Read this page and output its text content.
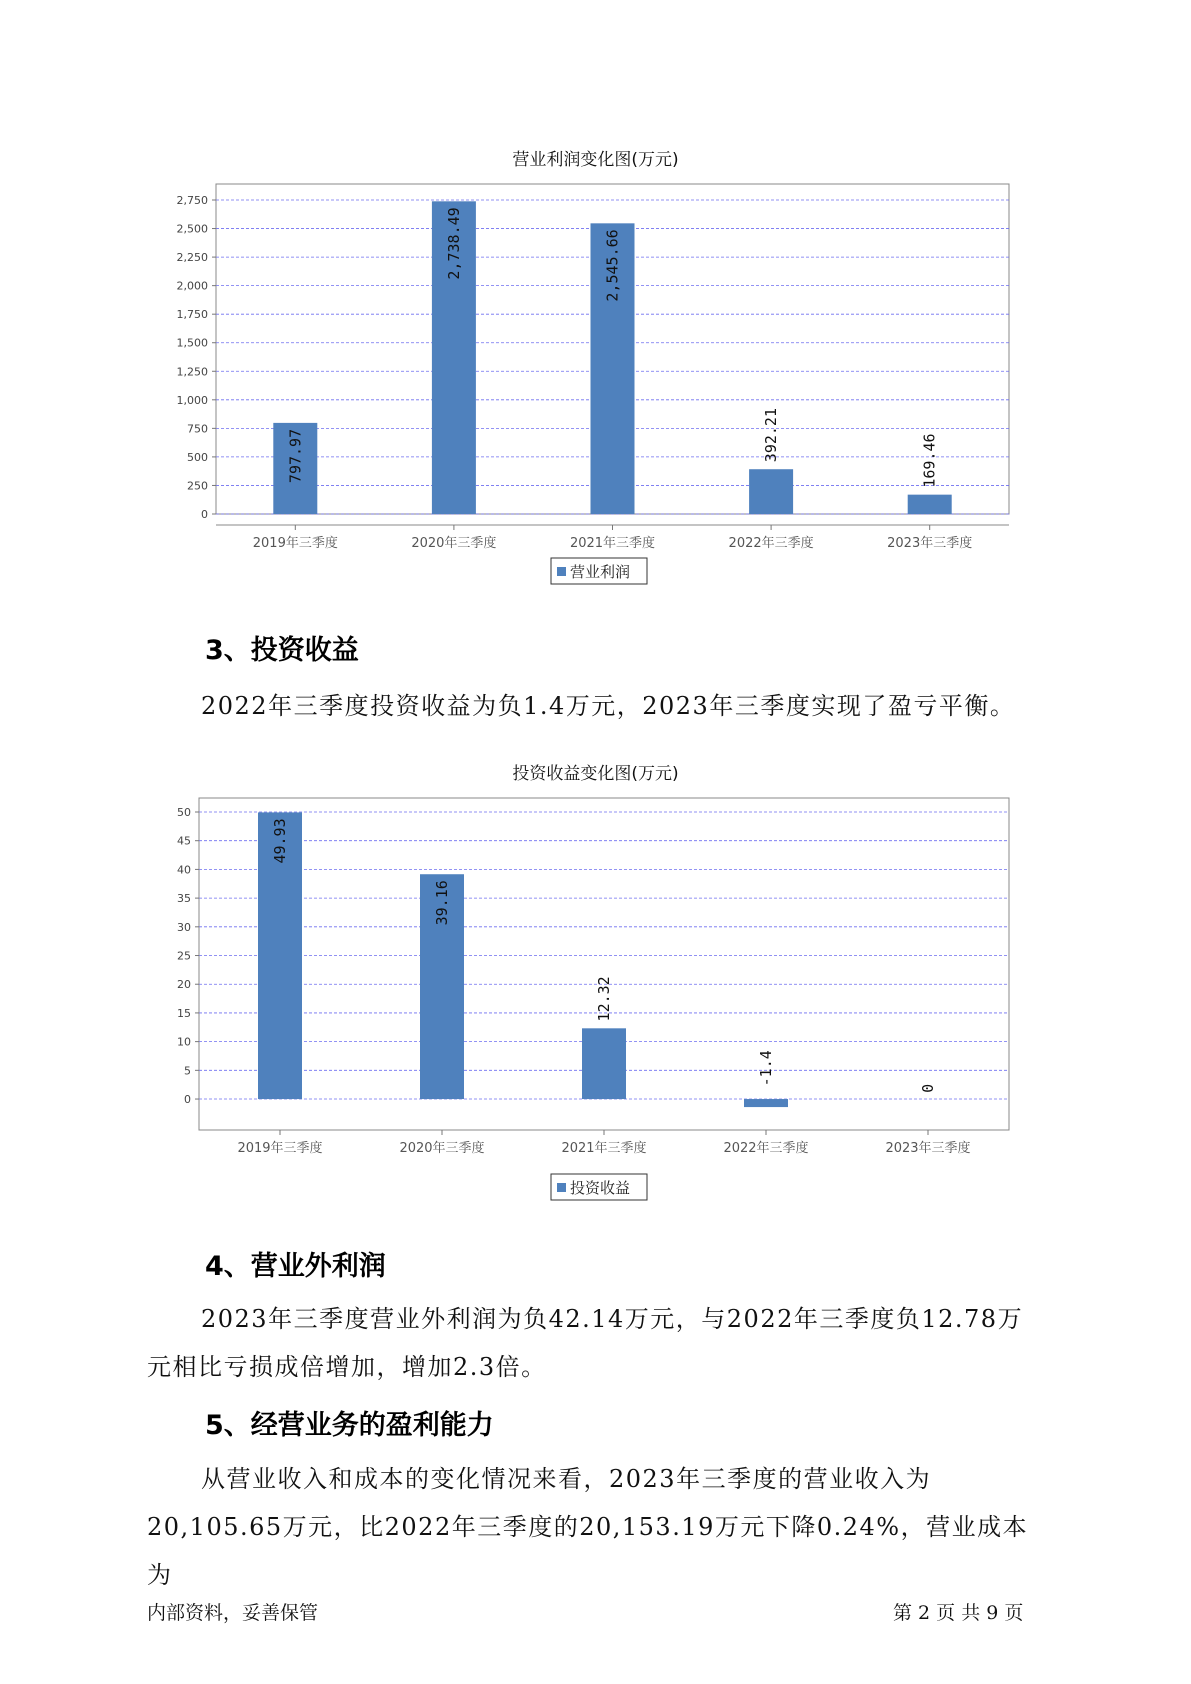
营业利润变化图(万元)
0
250
500
750
1,000
1,250
1,500
1,750
2,000
2,250
2,500
2,750
2019年三季度
797.97
2020年三季度
2,738.49
2021年三季度
2,545.66
2022年三季度
392.21
2023年三季度
169.46
营业利润
3、投资收益
2022年三季度投资收益为负1.4万元，2023年三季度实现了盈亏平衡。
投资收益变化图(万元)
0
5
10
15
20
25
30
35
40
45
50
2019年三季度
49.93
2020年三季度
39.16
2021年三季度
12.32
2022年三季度
-1.4
2023年三季度
0
投资收益
4、营业外利润
2023年三季度营业外利润为负42.14万元，与2022年三季度负12.78万
元相比亏损成倍增加，增加2.3倍。
5、经营业务的盈利能力
从营业收入和成本的变化情况来看，2023年三季度的营业收入为
20,105.65万元，比2022年三季度的20,153.19万元下降0.24%，营业成本为
内部资料，妥善保管	第 2 页 共 9 页
